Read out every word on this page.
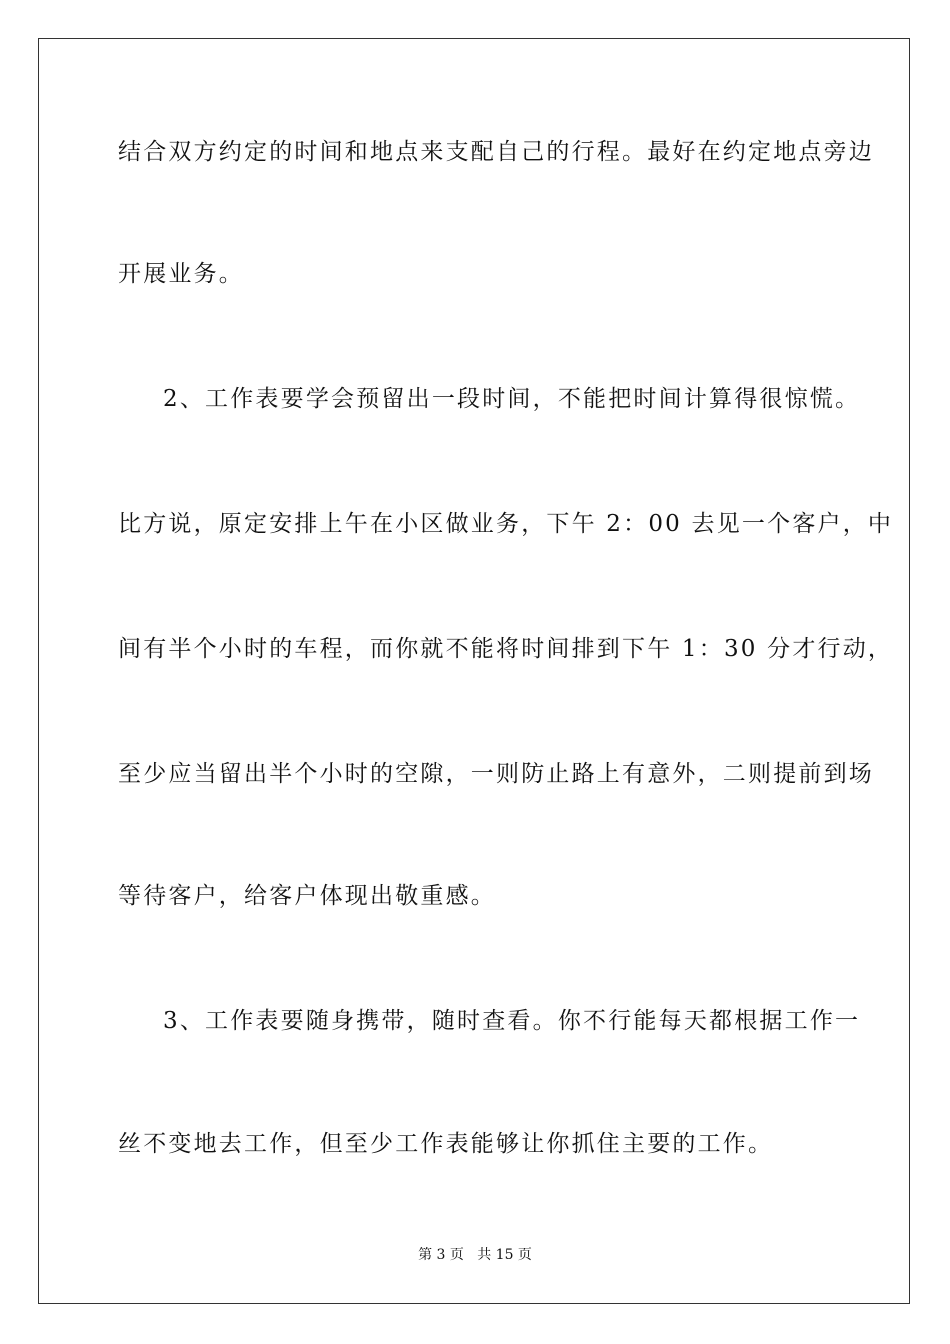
结合双方约定的时间和地点来支配自己的行程。最好在约定地点旁边
开展业务。
2、工作表要学会预留出一段时间，不能把时间计算得很惊慌。
比方说，原定安排上午在小区做业务，下午 2：00 去见一个客户，中
间有半个小时的车程，而你就不能将时间排到下午 1：30 分才行动，
至少应当留出半个小时的空隙，一则防止路上有意外，二则提前到场
等待客户，给客户体现出敬重感。
3、工作表要随身携带，随时查看。你不行能每天都根据工作一
丝不变地去工作，但至少工作表能够让你抓住主要的工作。
第 3 页   共 15 页
